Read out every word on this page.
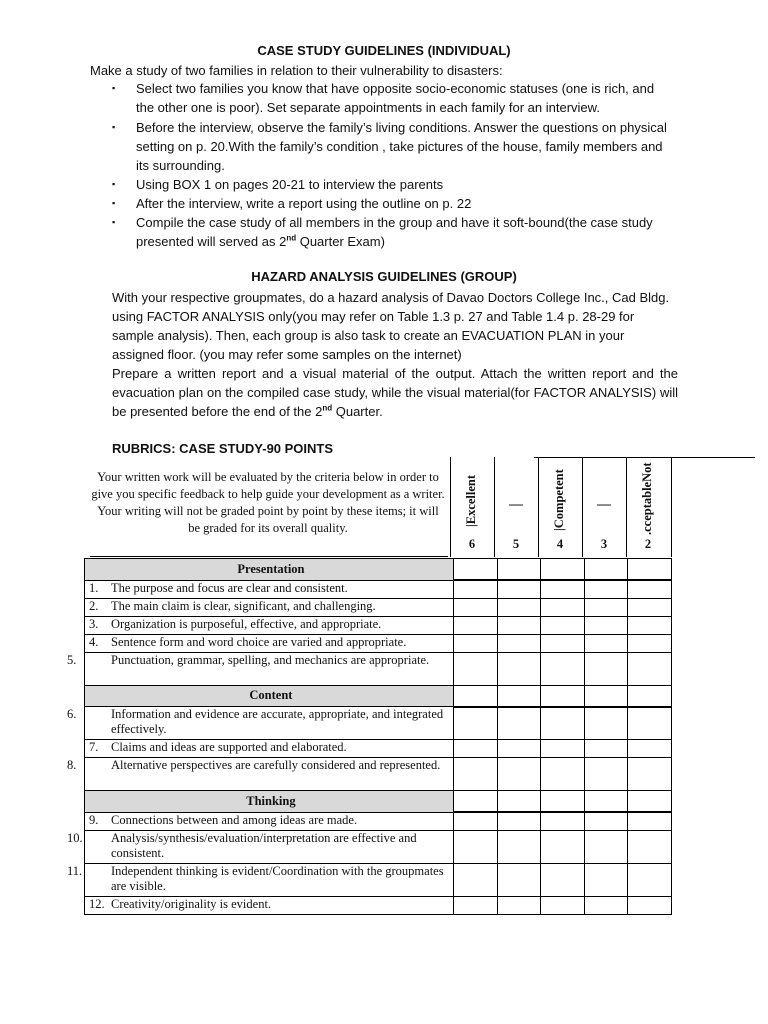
CASE STUDY GUIDELINES (INDIVIDUAL)
Make a study of two families in relation to their vulnerability to disasters:
▪ Select two families you know that have opposite socio-economic statuses (one is rich, and the other one is poor). Set separate appointments in each family for an interview.
▪ Before the interview, observe the family’s living conditions. Answer the questions on physical setting on p. 20.With the family’s condition , take pictures of the house, family members and its surrounding.
▪ Using BOX 1 on pages 20-21 to interview the parents
▪ After the interview, write a report using the outline on p. 22
▪ Compile the case study of all members in the group and have it soft-bound(the case study presented will served as 2nd Quarter Exam)
HAZARD ANALYSIS GUIDELINES (GROUP)
With your respective groupmates, do a hazard analysis of Davao Doctors College Inc., Cad Bldg. using FACTOR ANALYSIS only(you may refer on Table 1.3 p. 27 and Table 1.4 p. 28-29 for sample analysis). Then, each group is also task to create an EVACUATION PLAN in your assigned floor. (you may refer some samples on the internet)
Prepare a written report and a visual material of the output. Attach the written report and the evacuation plan on the compiled case study, while the visual material(for FACTOR ANALYSIS) will be presented before the end of the 2nd Quarter.
RUBRICS: CASE STUDY-90 POINTS
Your written work will be evaluated by the criteria below in order to give you specific feedback to help guide your development as a writer. Your writing will not be graded point by point by these items; it will be graded for its overall quality.
|Excellent — |Competent — .cceptableNot
6	5	4	3	2
Presentation					
1. The purpose and focus are clear and consistent.					
2. The main claim is clear, significant, and challenging.					
3. Organization is purposeful, effective, and appropriate.					
4. Sentence form and word choice are varied and appropriate.					

5. Punctuation, grammar, spelling, and mechanics are appropriate.					

Content					

6. Information and evidence are accurate, appropriate, and integrated effectively.					

7. Claims and ideas are supported and elaborated.					

8. Alternative perspectives are carefully considered and represented.					

Thinking					
9. Connections between and among ideas are made.					

10. Analysis/synthesis/evaluation/interpretation are effective and consistent.					

11. Independent thinking is evident/Coordination with the groupmates are visible.					

12. Creativity/originality is evident.					
